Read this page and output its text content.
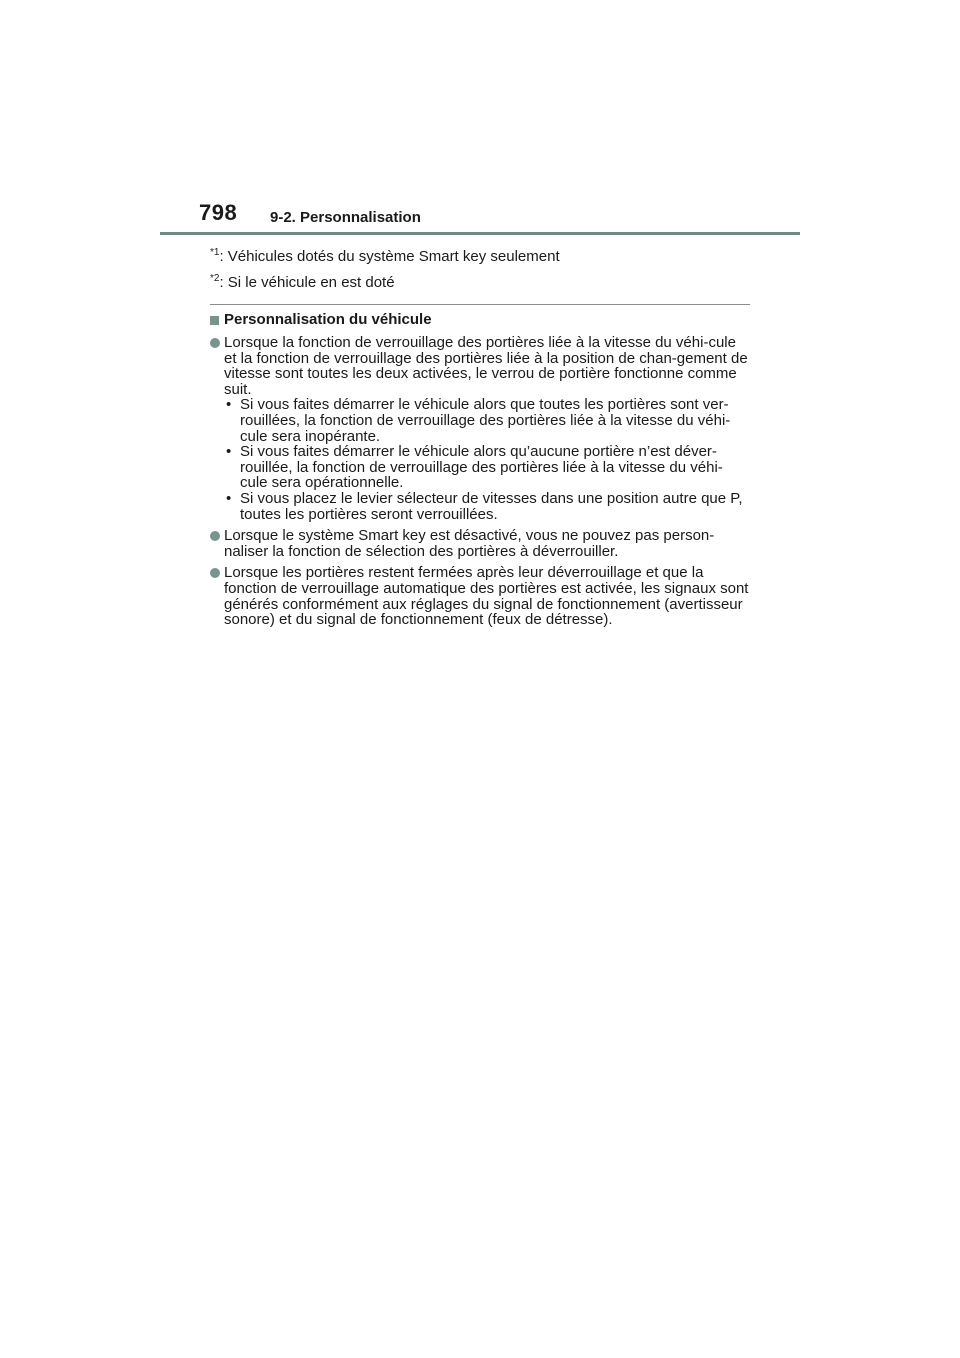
798 9-2. Personnalisation
$^{*1}$: Véhicules dotés du système Smart key seulement
$^{*2}$: Si le véhicule en est doté
Personnalisation du véhicule
Lorsque la fonction de verrouillage des portières liée à la vitesse du véhi-cule et la fonction de verrouillage des portières liée à la position de chan-gement de vitesse sont toutes les deux activées, le verrou de portière fonctionne comme suit.
• Si vous faites démarrer le véhicule alors que toutes les portières sont ver-rouillées, la fonction de verrouillage des portières liée à la vitesse du véhi-cule sera inopérante.
• Si vous faites démarrer le véhicule alors qu’aucune portière n’est déver-rouillée, la fonction de verrouillage des portières liée à la vitesse du véhi-cule sera opérationnelle.
• Si vous placez le levier sélecteur de vitesses dans une position autre que P, toutes les portières seront verrouillées.
Lorsque le système Smart key est désactivé, vous ne pouvez pas person-naliser la fonction de sélection des portières à déverrouiller.
Lorsque les portières restent fermées après leur déverrouillage et que la fonction de verrouillage automatique des portières est activée, les signaux sont générés conformément aux réglages du signal de fonctionnement (avertisseur sonore) et du signal de fonctionnement (feux de détresse).
